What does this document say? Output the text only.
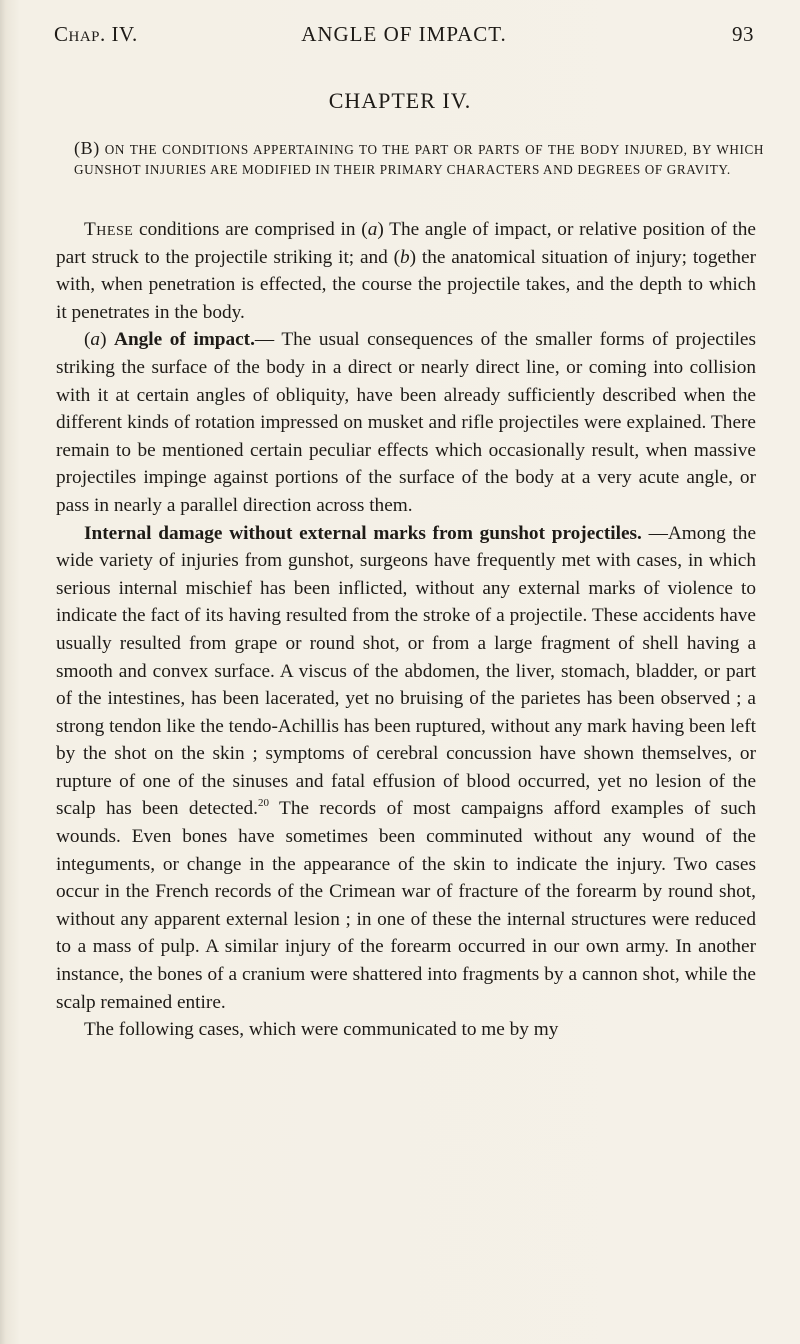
Chap. IV.	ANGLE OF IMPACT.	93
CHAPTER IV.
(B) ON THE CONDITIONS APPERTAINING TO THE PART OR PARTS OF THE BODY INJURED, BY WHICH GUNSHOT INJURIES ARE MODIFIED IN THEIR PRIMARY CHARACTERS AND DEGREES OF GRAVITY.

These conditions are comprised in (a) The angle of impact, or relative position of the part struck to the projectile striking it; and (b) the anatomical situation of injury; together with, when penetration is effected, the course the projectile takes, and the depth to which it penetrates in the body.

(a) Angle of impact.— The usual consequences of the smaller forms of projectiles striking the surface of the body in a direct or nearly direct line, or coming into collision with it at certain angles of obliquity, have been already sufficiently described when the different kinds of rotation impressed on musket and rifle projectiles were explained. There remain to be mentioned certain peculiar effects which occasionally result, when massive projectiles impinge against portions of the surface of the body at a very acute angle, or pass in nearly a parallel direction across them.

Internal damage without external marks from gunshot projectiles. —Among the wide variety of injuries from gunshot, surgeons have frequently met with cases, in which serious internal mischief has been inflicted, without any external marks of violence to indicate the fact of its having resulted from the stroke of a projectile. These accidents have usually resulted from grape or round shot, or from a large fragment of shell having a smooth and convex surface. A viscus of the abdomen, the liver, stomach, bladder, or part of the intestines, has been lacerated, yet no bruising of the parietes has been observed ; a strong tendon like the tendo-Achillis has been ruptured, without any mark having been left by the shot on the skin ; symptoms of cerebral concussion have shown themselves, or rupture of one of the sinuses and fatal effusion of blood occurred, yet no lesion of the scalp has been detected.$^{20}$ The records of most campaigns afford examples of such wounds. Even bones have sometimes been comminuted without any wound of the integuments, or change in the appearance of the skin to indicate the injury. Two cases occur in the French records of the Crimean war of fracture of the forearm by round shot, without any apparent external lesion ; in one of these the internal structures were reduced to a mass of pulp. A similar injury of the forearm occurred in our own army. In another instance, the bones of a cranium were shattered into fragments by a cannon shot, while the scalp remained entire.

The following cases, which were communicated to me by my
